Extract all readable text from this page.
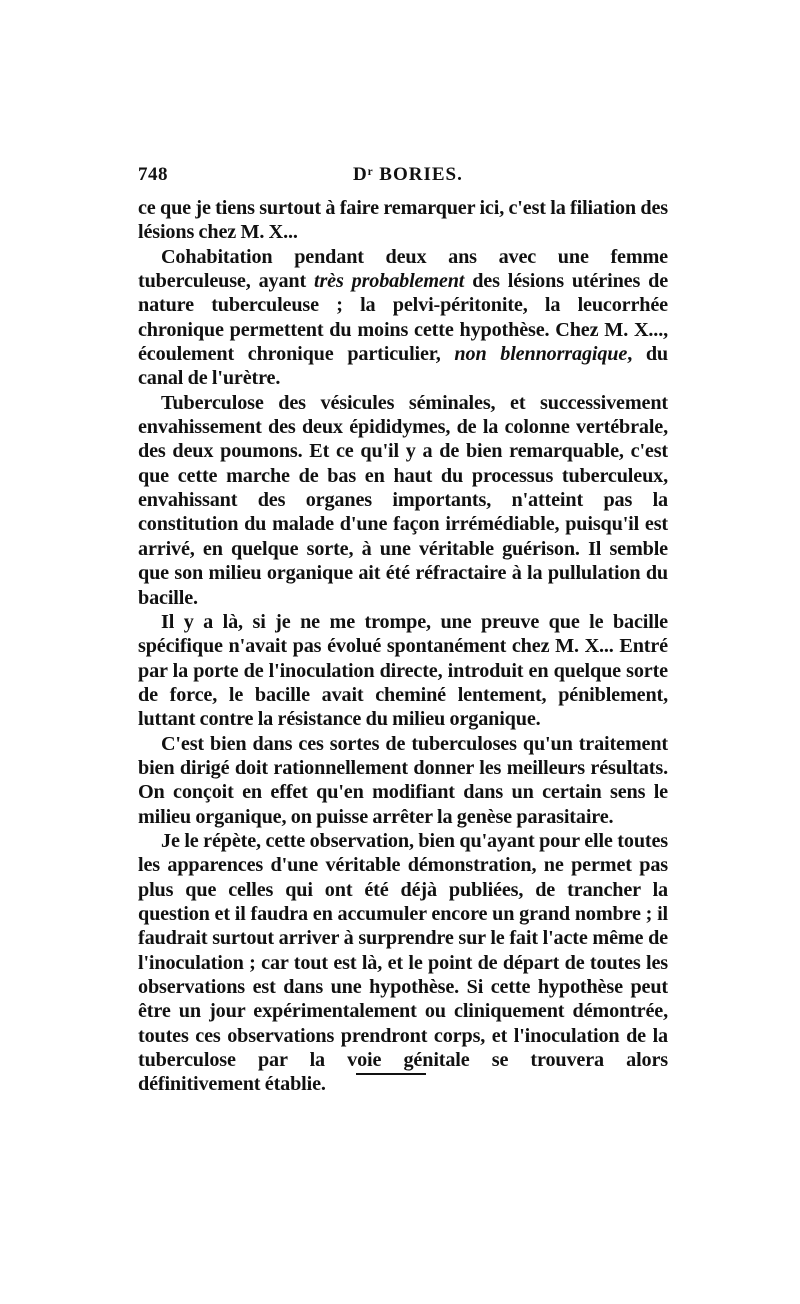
748	Dʳ BORIES.

ce que je tiens surtout à faire remarquer ici, c'est la filiation des lésions chez M. X...

Cohabitation pendant deux ans avec une femme tuberculeuse, ayant très probablement des lésions utérines de nature tuberculeuse ; la pelvi-péritonite, la leucorrhée chronique permettent du moins cette hypothèse. Chez M. X..., écoulement chronique particulier, non blennorragique, du canal de l'urètre.

Tuberculose des vésicules séminales, et successivement envahissement des deux épididymes, de la colonne vertébrale, des deux poumons. Et ce qu'il y a de bien remarquable, c'est que cette marche de bas en haut du processus tuberculeux, envahissant des organes importants, n'atteint pas la constitution du malade d'une façon irrémédiable, puisqu'il est arrivé, en quelque sorte, à une véritable guérison. Il semble que son milieu organique ait été réfractaire à la pullulation du bacille.

Il y a là, si je ne me trompe, une preuve que le bacille spécifique n'avait pas évolué spontanément chez M. X... Entré par la porte de l'inoculation directe, introduit en quelque sorte de force, le bacille avait cheminé lentement, péniblement, luttant contre la résistance du milieu organique.

C'est bien dans ces sortes de tuberculoses qu'un traitement bien dirigé doit rationnellement donner les meilleurs résultats. On conçoit en effet qu'en modifiant dans un certain sens le milieu organique, on puisse arrêter la genèse parasitaire.

Je le répète, cette observation, bien qu'ayant pour elle toutes les apparences d'une véritable démonstration, ne permet pas plus que celles qui ont été déjà publiées, de trancher la question et il faudra en accumuler encore un grand nombre ; il faudrait surtout arriver à surprendre sur le fait l'acte même de l'inoculation ; car tout est là, et le point de départ de toutes les observations est dans une hypothèse. Si cette hypothèse peut être un jour expérimentalement ou cliniquement démontrée, toutes ces observations prendront corps, et l'inoculation de la tuberculose par la voie génitale se trouvera alors définitivement établie.
